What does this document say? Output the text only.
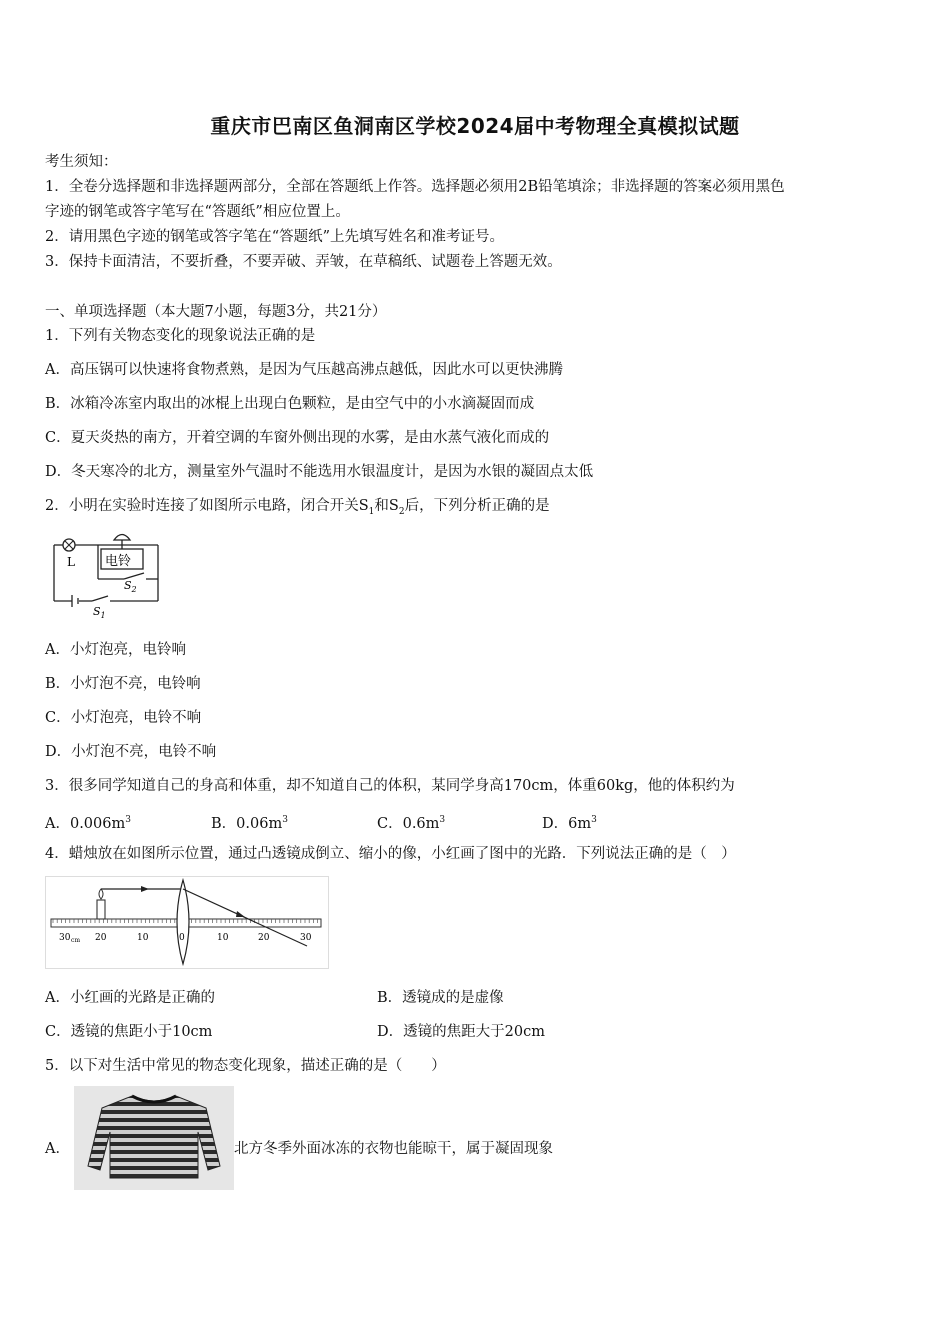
重庆市巴南区鱼洞南区学校2024届中考物理全真模拟试题
考生须知：
1．全卷分选择题和非选择题两部分，全部在答题纸上作答。选择题必须用2B铅笔填涂；非选择题的答案必须用黑色
字迹的钢笔或答字笔写在“答题纸”相应位置上。
2．请用黑色字迹的钢笔或答字笔在“答题纸”上先填写姓名和准考证号。
3．保持卡面清洁，不要折叠，不要弄破、弄皱，在草稿纸、试题卷上答题无效。
一、单项选择题（本大题7小题，每题3分，共21分）
1．下列有关物态变化的现象说法正确的是
A．高压锅可以快速将食物煮熟，是因为气压越高沸点越低，因此水可以更快沸腾
B．冰箱冷冻室内取出的冰棍上出现白色颗粒，是由空气中的小水滴凝固而成
C．夏天炎热的南方，开着空调的车窗外侧出现的水雾，是由水蒸气液化而成的
D．冬天寒冷的北方，测量室外气温时不能选用水银温度计，是因为水银的凝固点太低
2．小明在实验时连接了如图所示电路，闭合开关$S_1$和$S_2$后，下列分析正确的是
L 电铃
$S_2$
$S_1$
A．小灯泡亮，电铃响
B．小灯泡不亮，电铃响
C．小灯泡亮，电铃不响
D．小灯泡不亮，电铃不响
3．很多同学知道自己的身高和体重，却不知道自己的体积，某同学身高170cm，体重60kg，他的体积约为
A．$0.006m^3$	B．$0.06m^3$	C．$0.6m^3$	D．$6m^3$
4．蜡烛放在如图所示位置，通过凸透镜成倒立、缩小的像，小红画了图中的光路．下列说法正确的是（　）
30 cm 20	10	0	10	20	30
A．小红画的光路是正确的	B．透镜成的是虚像
C．透镜的焦距小于10cm	D．透镜的焦距大于20cm
5．以下对生活中常见的物态变化现象，描述正确的是（　　）
A．	北方冬季外面冰冻的衣物也能晾干，属于凝固现象
